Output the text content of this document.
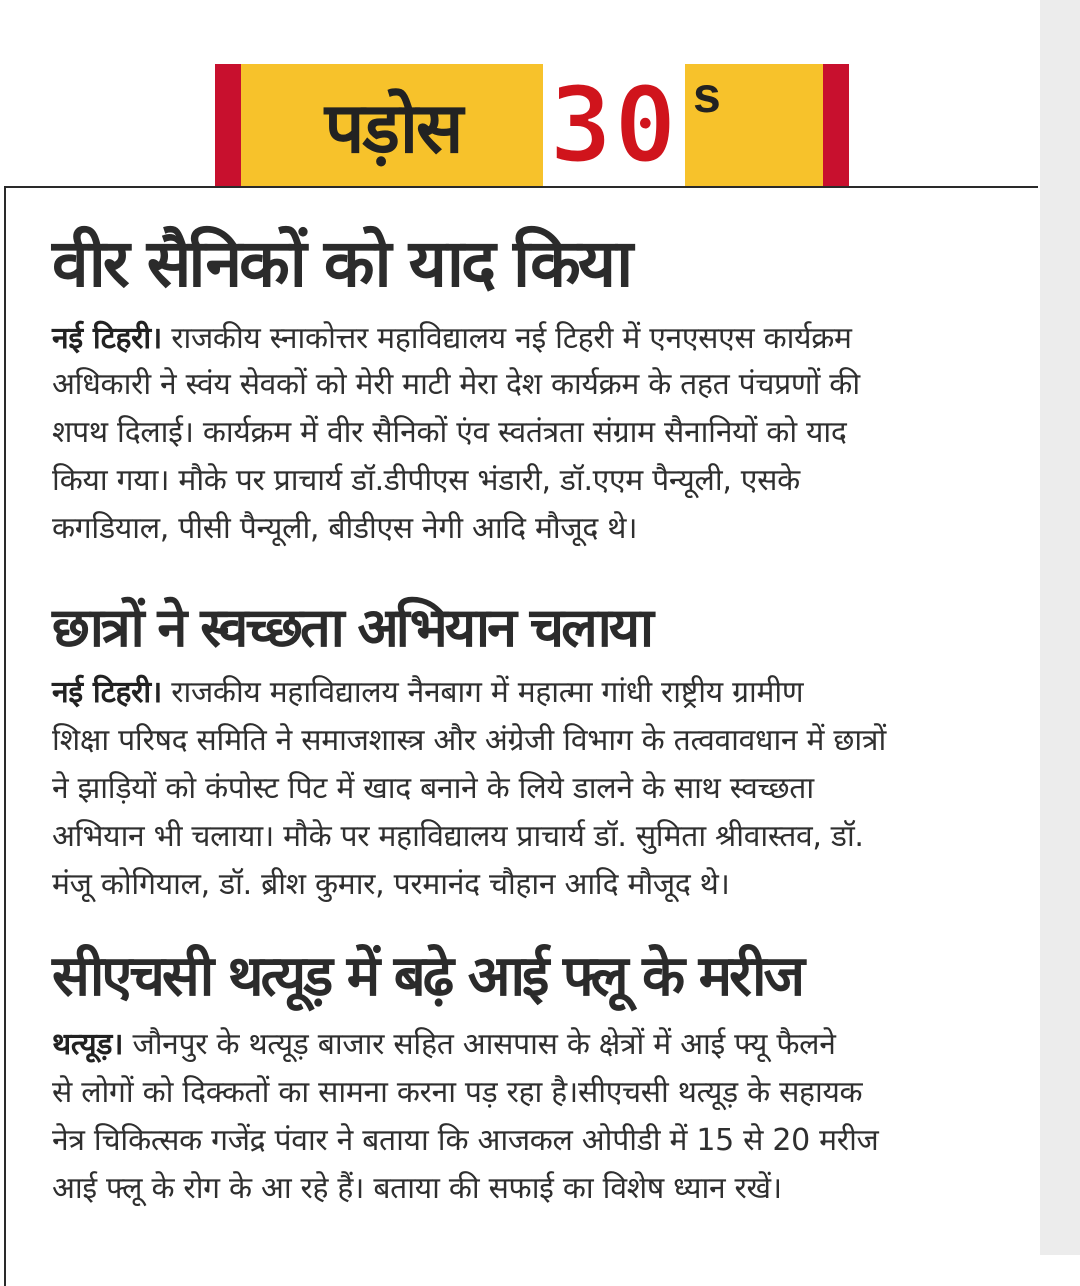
पड़ोस 30 s
वीर सैनिकों को याद किया

नई टिहरी। राजकीय स्नाकोत्तर महाविद्यालय नई टिहरी में एनएसएस कार्यक्रम

अधिकारी ने स्वंय सेवकों को मेरी माटी मेरा देश कार्यक्रम के तहत पंचप्रणों की

शपथ दिलाई। कार्यक्रम में वीर सैनिकों एंव स्वतंत्रता संग्राम सैनानियों को याद

किया गया। मौके पर प्राचार्य डॉ.डीपीएस भंडारी, डॉ.एएम पैन्यूली, एसके

कगडियाल, पीसी पैन्यूली, बीडीएस नेगी आदि मौजूद थे।

छात्रों ने स्वच्छता अभियान चलाया

नई टिहरी। राजकीय महाविद्यालय नैनबाग में महात्मा गांधी राष्ट्रीय ग्रामीण

शिक्षा परिषद समिति ने समाजशास्त्र और अंग्रेजी विभाग के तत्ववावधान में छात्रों

ने झाड़ियों को कंपोस्ट पिट में खाद बनाने के लिये डालने के साथ स्वच्छता

अभियान भी चलाया। मौके पर महाविद्यालय प्राचार्य डॉ. सुमिता श्रीवास्तव, डॉ.

मंजू कोगियाल, डॉ. ब्रीश कुमार, परमानंद चौहान आदि मौजूद थे।

सीएचसी थत्यूड़ में बढ़े आई फ्लू के मरीज

थत्यूड़। जौनपुर के थत्यूड़ बाजार सहित आसपास के क्षेत्रों में आई फ्यू फैलने

से लोगों को दिक्कतों का सामना करना पड़ रहा है।सीएचसी थत्यूड़ के सहायक

नेत्र चिकित्सक गजेंद्र पंवार ने बताया कि आजकल ओपीडी में 15 से 20 मरीज

आई फ्लू के रोग के आ रहे हैं। बताया की सफाई का विशेष ध्यान रखें।
